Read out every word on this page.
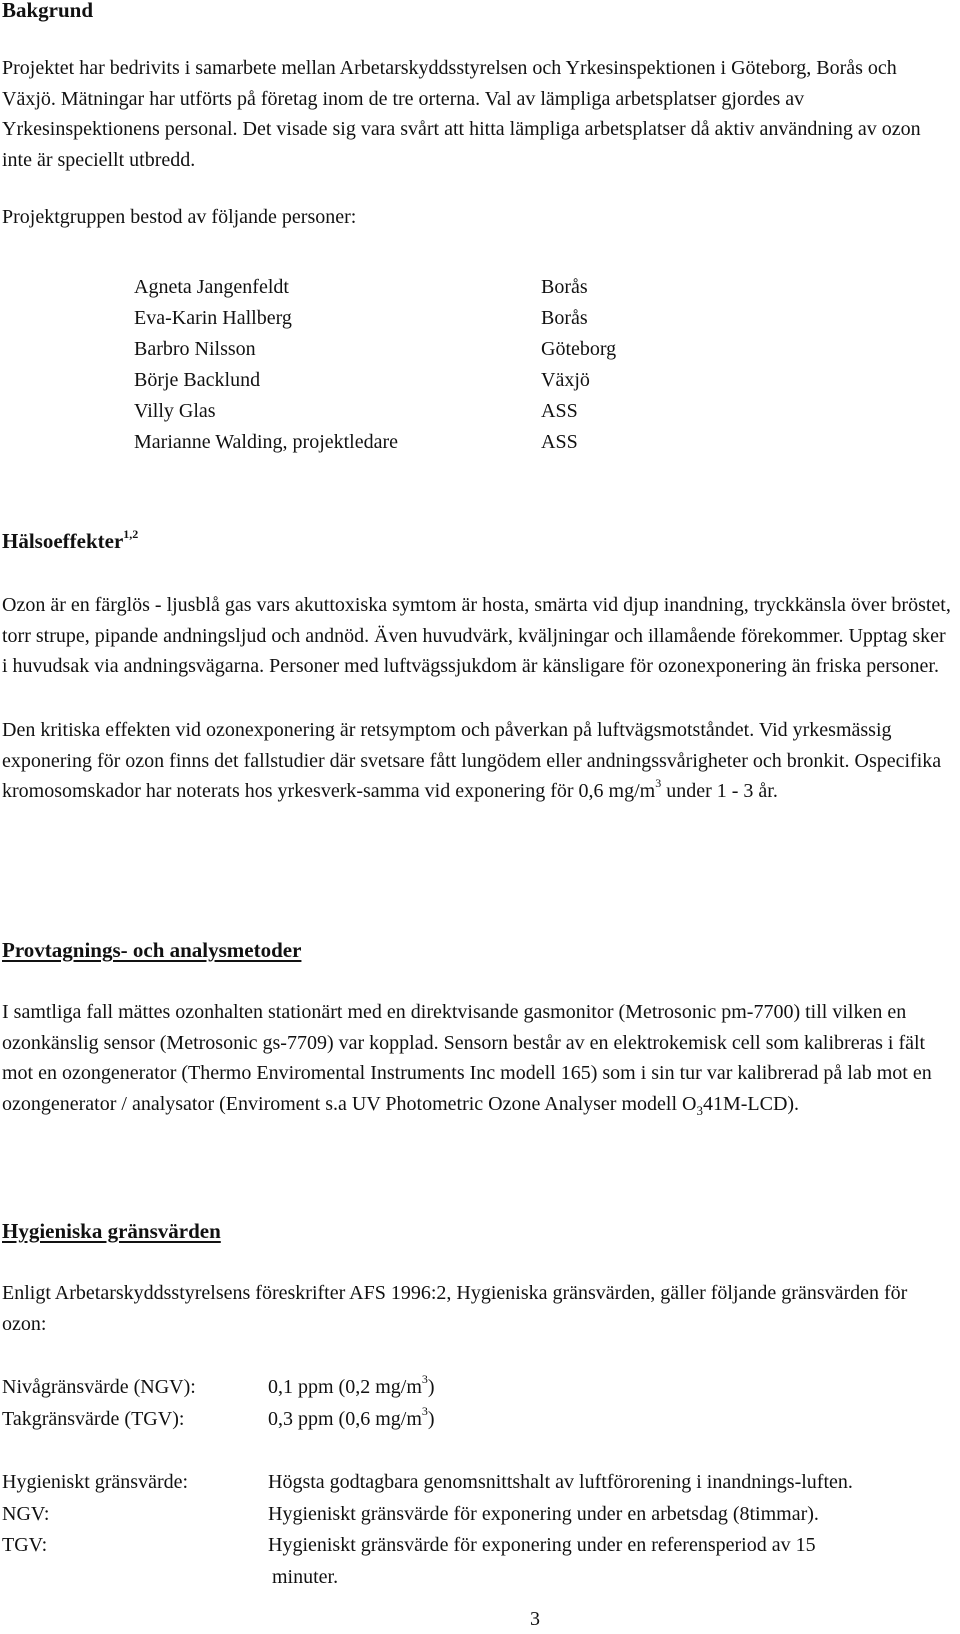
Bakgrund

Projektet har bedrivits i samarbete mellan Arbetarskyddsstyrelsen och Yrkesinspektionen i Göteborg, Borås och Växjö. Mätningar har utförts på företag inom de tre orterna. Val av lämpliga arbetsplatser gjordes av Yrkesinspektionens personal. Det visade sig vara svårt att hitta lämpliga arbetsplatser då aktiv användning av ozon inte är speciellt utbredd.

Projektgruppen bestod av följande personer:

Agneta Jangenfeldt	Borås
Eva-Karin Hallberg	Borås
Barbro Nilsson	Göteborg
Börje Backlund	Växjö
Villy Glas	ASS
Marianne Walding, projektledare	ASS
Hälsoeffekter$^{1,2}$

Ozon är en färglös - ljusblå gas vars akuttoxiska symtom är hosta, smärta vid djup inandning, tryckkänsla över bröstet, torr strupe, pipande andningsljud och andnöd. Även huvudvärk, kväljningar och illamående förekommer. Upptag sker i huvudsak via andningsvägarna. Personer med luftvägssjukdom är känsligare för ozonexponering än friska personer.

Den kritiska effekten vid ozonexponering är retsymptom och påverkan på luftvägsmotståndet. Vid yrkesmässig exponering för ozon finns det fallstudier där svetsare fått lungödem eller andningssvårigheter och bronkit. Ospecifika kromosomskador har noterats hos yrkesverk-samma vid exponering för 0,6 $mg/m^3$ under 1 - 3 år.

Provtagnings- och analysmetoder

I samtliga fall mättes ozonhalten stationärt med en direktvisande gasmonitor (Metrosonic pm-7700) till vilken en ozonkänslig sensor (Metrosonic gs-7709) var kopplad. Sensorn består av en elektrokemisk cell som kalibreras i fält mot en ozongenerator (Thermo Enviromental Instruments Inc modell 165) som i sin tur var kalibrerad på lab mot en ozongenerator / analysator (Enviroment s.a UV Photometric Ozone Analyser modell $O_341M-LCD$).

Hygieniska gränsvärden

Enligt Arbetarskyddsstyrelsens föreskrifter AFS 1996:2, Hygieniska gränsvärden, gäller följande gränsvärden för ozon:

Nivågränsvärde (NGV):	0,1 ppm (0,2 $mg/m^3$)
Takgränsvärde (TGV):	0,3 ppm (0,6 $mg/m^3$)
Hygieniskt gränsvärde:	Högsta godtagbara genomsnittshalt av luftförorening i inandnings-luften.
NGV:	Hygieniskt gränsvärde för exponering under en arbetsdag (8timmar).
TGV:	Hygieniskt gränsvärde för exponering under en referensperiod av 15
minuter.
3
